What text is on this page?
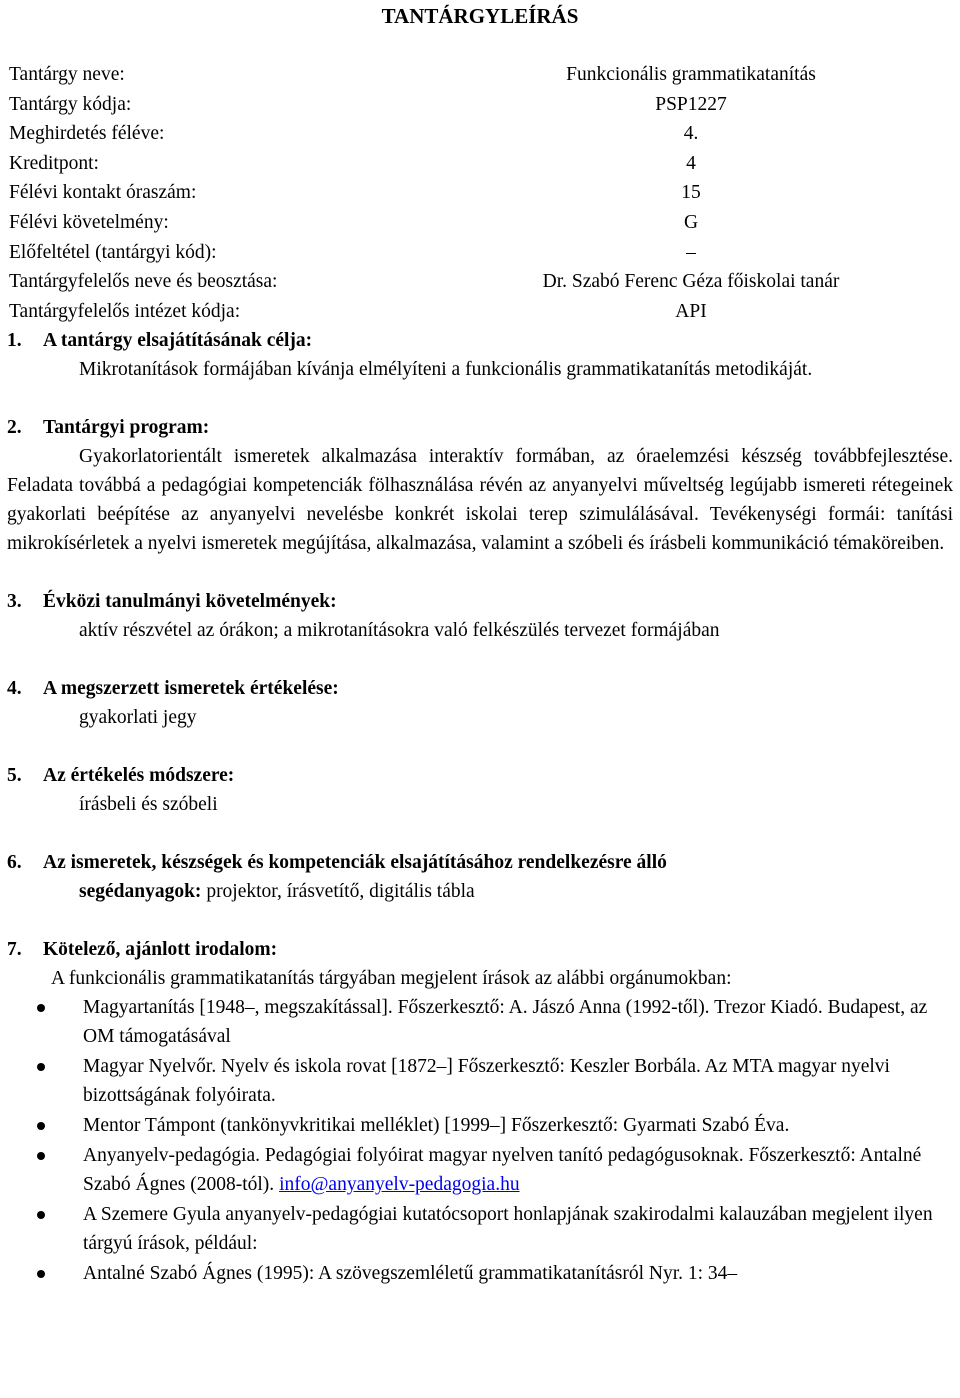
TANTÁRGYLEÍRÁS
Tantárgy neve:	Funkcionális grammatikatanítás
Tantárgy kódja:	PSP1227
Meghirdetés féléve:	4.
Kreditpont:	4
Félévi kontakt óraszám:	15
Félévi követelmény:	G
Előfeltétel (tantárgyi kód):	–
Tantárgyfelelős neve és beosztása:	Dr. Szabó Ferenc Géza főiskolai tanár
Tantárgyfelelős intézet kódja:	API
1. A tantárgy elsajátításának célja:

Mikrotanítások formájában kívánja elmélyíteni a funkcionális grammatikatanítás metodikáját.

2. Tantárgyi program:

Gyakorlatorientált ismeretek alkalmazása interaktív formában, az óraelemzési készség továbbfejlesztése. Feladata továbbá a pedagógiai kompetenciák fölhasználása révén az anyanyelvi műveltség legújabb ismereti rétegeinek gyakorlati beépítése az anyanyelvi nevelésbe konkrét iskolai terep szimulálásával. Tevékenységi formái: tanítási mikrokísérletek a nyelvi ismeretek megújítása, alkalmazása, valamint a szóbeli és írásbeli kommunikáció témaköreiben.

3. Évközi tanulmányi követelmények:

aktív részvétel az órákon; a mikrotanításokra való felkészülés tervezet formájában

4. A megszerzett ismeretek értékelése:

gyakorlati jegy

5. Az értékelés módszere:

írásbeli és szóbeli

6. Az ismeretek, készségek és kompetenciák elsajátításához rendelkezésre álló

segédanyagok: projektor, írásvetítő, digitális tábla

7. Kötelező, ajánlott irodalom:

A funkcionális grammatikatanítás tárgyában megjelent írások az alábbi orgánumokban:

Magyartanítás [1948–, megszakítással]. Főszerkesztő: A. Jászó Anna (1992-től). Trezor Kiadó. Budapest, az OM támogatásával
Magyar Nyelvőr. Nyelv és iskola rovat [1872–] Főszerkesztő: Keszler Borbála. Az MTA magyar nyelvi bizottságának folyóirata.
Mentor Támpont (tankönyvkritikai melléklet) [1999–] Főszerkesztő: Gyarmati Szabó Éva.
Anyanyelv-pedagógia. Pedagógiai folyóirat magyar nyelven tanító pedagógusoknak. Főszerkesztő: Antalné Szabó Ágnes (2008-tól). info@anyanyelv-pedagogia.hu
A Szemere Gyula anyanyelv-pedagógiai kutatócsoport honlapjának szakirodalmi kalauzában megjelent ilyen tárgyú írások, például:
Antalné Szabó Ágnes (1995): A szövegszemléletű grammatikatanításról Nyr. 1: 34–
